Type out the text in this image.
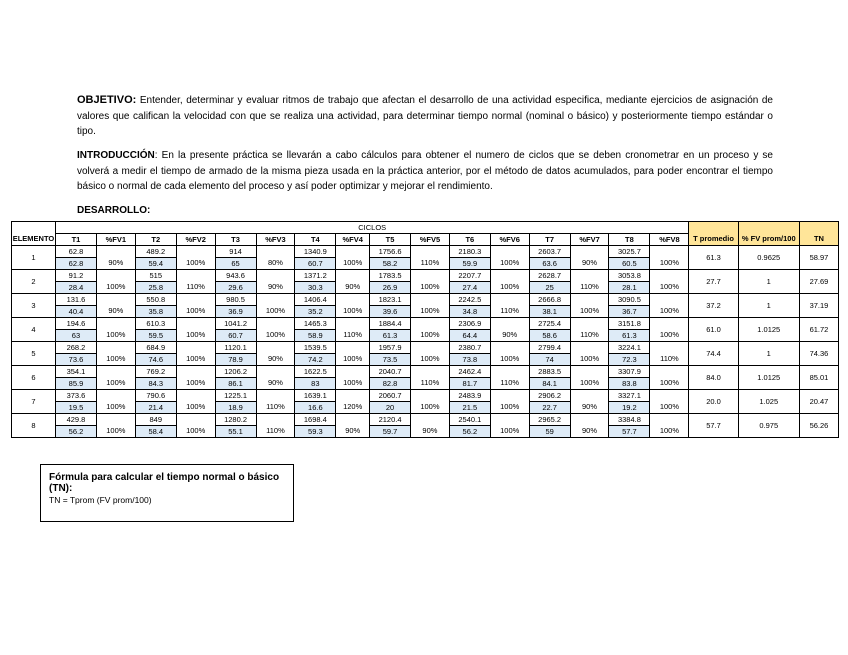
OBJETIVO: Entender, determinar y evaluar ritmos de trabajo que afectan el desarrollo de una actividad especifica, mediante ejercicios de asignación de valores que califican la velocidad con que se realiza una actividad, para determinar tiempo normal (nominal o básico) y posteriormente tiempo estándar o tipo.
INTRODUCCIÓN: En la presente práctica se llevarán a cabo cálculos para obtener el numero de ciclos que se deben cronometrar en un proceso y se volverá a medir el tiempo de armado de la misma pieza usada en la práctica anterior, por el método de datos acumulados, para poder encontrar el tiempo básico o normal de cada elemento del proceso y así poder optimizar y mejorar el rendimiento.
DESARROLLO:
	CICLOS																		
ELEMENTO	T1	%FV1	T2	%FV2	T3	%FV3	T4	%FV4	T5	%FV5	T6	%FV6	T7	%FV7	T8	%FV8	T promedio	% FV prom/100	TN
1	62.8		489.2		914		1340.9		1756.6		2180.3		2603.7		3025.7		61.3	0.9625	58.97
	62.8	90%	59.4	100%	65	80%	60.7	100%	58.2	110%	59.9	100%	63.6	90%	60.5	100%			
2	91.2		515		943.6		1371.2		1783.5		2207.7		2628.7		3053.8		27.7	1	27.69
	28.4	100%	25.8	110%	29.6	90%	30.3	90%	26.9	100%	27.4	100%	25	110%	28.1	100%			
3	131.6		550.8		980.5		1406.4		1823.1		2242.5		2666.8		3090.5		37.2	1	37.19
	40.4	90%	35.8	100%	36.9	100%	35.2	100%	39.6	100%	34.8	110%	38.1	100%	36.7	100%			
4	194.6		610.3		1041.2		1465.3		1884.4		2306.9		2725.4		3151.8		61.0	1.0125	61.72
	63	100%	59.5	100%	60.7	100%	58.9	110%	61.3	100%	64.4	90%	58.6	110%	61.3	100%			
5	268.2		684.9		1120.1		1539.5		1957.9		2380.7		2799.4		3224.1		74.4	1	74.36
	73.6	100%	74.6	100%	78.9	90%	74.2	100%	73.5	100%	73.8	100%	74	100%	72.3	110%			
6	354.1		769.2		1206.2		1622.5		2040.7		2462.4		2883.5		3307.9		84.0	1.0125	85.01
	85.9	100%	84.3	100%	86.1	90%	83	100%	82.8	110%	81.7	110%	84.1	100%	83.8	100%			
7	373.6		790.6		1225.1		1639.1		2060.7		2483.9		2906.2		3327.1		20.0	1.025	20.47
	19.5	100%	21.4	100%	18.9	110%	16.6	120%	20	100%	21.5	100%	22.7	90%	19.2	100%			
8	429.8		849		1280.2		1698.4		2120.4		2540.1		2965.2		3384.8		57.7	0.975	56.26
	56.2	100%	58.4	100%	55.1	110%	59.3	90%	59.7	90%	56.2	100%	59	90%	57.7	100%			
Fórmula para calcular el tiempo normal o básico (TN):
TN = Tprom (FV prom/100)
